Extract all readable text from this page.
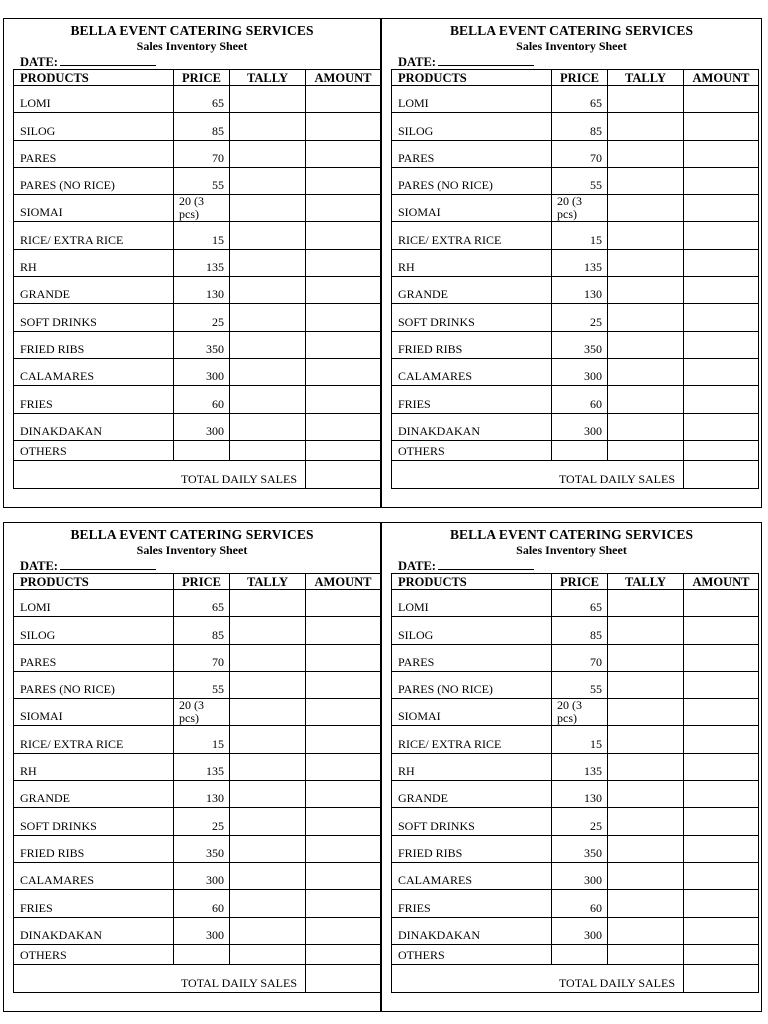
BELLA EVENT CATERING SERVICES
Sales Inventory Sheet
DATE:
PRODUCTS	PRICE	TALLY	AMOUNT
LOMI	65		
SILOG	85		
PARES	70		
PARES (NO RICE)	55		
SIOMAI	20 (3 pcs)		
RICE/ EXTRA RICE	15		
RH	135		
GRANDE	130		
SOFT DRINKS	25		
FRIED RIBS	350		
CALAMARES	300		
FRIES	60		
DINAKDAKAN	300		
OTHERS			
TOTAL DAILY SALES			
BELLA EVENT CATERING SERVICES
Sales Inventory Sheet
DATE:
PRODUCTS	PRICE	TALLY	AMOUNT
LOMI	65		
SILOG	85		
PARES	70		
PARES (NO RICE)	55		
SIOMAI	20 (3 pcs)		
RICE/ EXTRA RICE	15		
RH	135		
GRANDE	130		
SOFT DRINKS	25		
FRIED RIBS	350		
CALAMARES	300		
FRIES	60		
DINAKDAKAN	300		
OTHERS			
TOTAL DAILY SALES			
BELLA EVENT CATERING SERVICES
Sales Inventory Sheet
DATE:
PRODUCTS	PRICE	TALLY	AMOUNT
LOMI	65		
SILOG	85		
PARES	70		
PARES (NO RICE)	55		
SIOMAI	20 (3 pcs)		
RICE/ EXTRA RICE	15		
RH	135		
GRANDE	130		
SOFT DRINKS	25		
FRIED RIBS	350		
CALAMARES	300		
FRIES	60		
DINAKDAKAN	300		
OTHERS			
TOTAL DAILY SALES			
BELLA EVENT CATERING SERVICES
Sales Inventory Sheet
DATE:
PRODUCTS	PRICE	TALLY	AMOUNT
LOMI	65		
SILOG	85		
PARES	70		
PARES (NO RICE)	55		
SIOMAI	20 (3 pcs)		
RICE/ EXTRA RICE	15		
RH	135		
GRANDE	130		
SOFT DRINKS	25		
FRIED RIBS	350		
CALAMARES	300		
FRIES	60		
DINAKDAKAN	300		
OTHERS			
TOTAL DAILY SALES			
